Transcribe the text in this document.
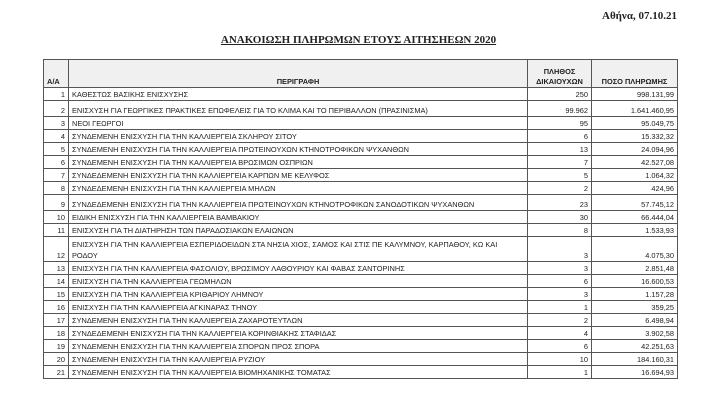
Αθήνα, 07.10.21
ΑΝΑΚΟΙΩΣΗ ΠΛΗΡΩΜΩΝ ΕΤΟΥΣ ΑΙΤΗΣΗΕΩΝ 2020
Α/Α	ΠΕΡΙΓΡΑΦΗ	ΠΛΗΘΟΣ ΔΙΚΑΙΟΥΧΩΝ	ΠΟΣΟ ΠΛΗΡΩΜΗΣ
1	ΚΑΘΕΣΤΩΣ ΒΑΣΙΚΗΣ ΕΝΙΣΧΥΣΗΣ	250	998.131,99
2	ΕΝΙΣΧΥΣΗ ΓΙΑ ΓΕΩΡΓΙΚΕΣ ΠΡΑΚΤΙΚΕΣ ΕΠΩΦΕΛΕΙΣ ΓΙΑ ΤΟ ΚΛΙΜΑ ΚΑΙ ΤΟ ΠΕΡΙΒΑΛΛΟΝ (ΠΡΑΣΙΝΙΣΜΑ)	99.962	1.641.460,95
3	ΝΕΟΙ ΓΕΩΡΓΟΙ	95	95.049,75
4	ΣΥΝΔΕΜΕΝΗ ΕΝΙΣΧΥΣΗ ΓΙΑ ΤΗΝ ΚΑΛΛΙΕΡΓΕΙΑ ΣΚΛΗΡΟΥ ΣΙΤΟΥ	6	15.332,32
5	ΣΥΝΔΕΜΕΝΗ ΕΝΙΣΧΥΣΗ ΓΙΑ ΤΗΝ ΚΑΛΛΙΕΡΓΕΙΑ ΠΡΩΤΕΙΝΟΥΧΩΝ ΚΤΗΝΟΤΡΟΦΙΚΩΝ ΨΥΧΑΝΘΩΝ	13	24.094,96
6	ΣΥΝΔΕΜΕΝΗ ΕΝΙΣΧΥΣΗ ΓΙΑ ΤΗΝ ΚΑΛΛΙΕΡΓΕΙΑ ΒΡΩΣΙΜΩΝ ΟΣΠΡΙΩΝ	7	42.527,08
7	ΣΥΝΔΕΔΕΜΕΝΗ ΕΝΙΣΧΥΣΗ ΓΙΑ ΤΗΝ ΚΑΛΛΙΕΡΓΕΙΑ ΚΑΡΠΩΝ ΜΕ ΚΕΛΥΦΟΣ	5	1.064,32
8	ΣΥΝΔΕΔΕΜΕΝΗ ΕΝΙΣΧΥΣΗ ΓΙΑ ΤΗΝ ΚΑΛΛΙΕΡΓΕΙΑ ΜΗΛΩΝ	2	424,96
9	ΣΥΝΔΕΔΕΜΕΝΗ ΕΝΙΣΧΥΣΗ ΓΙΑ ΤΗΝ ΚΑΛΛΙΕΡΓΕΙΑ ΠΡΩΤΕΙΝΟΥΧΩΝ ΚΤΗΝΟΤΡΟΦΙΚΩΝ ΣΑΝΟΔΟΤΙΚΩΝ ΨΥΧΑΝΘΩΝ	23	57.745,12
10	ΕΙΔΙΚΗ ΕΝΙΣΧΥΣΗ ΓΙΑ ΤΗΝ ΚΑΛΛΙΕΡΓΕΙΑ ΒΑΜΒΑΚΙΟΥ	30	66.444,04
11	ΕΝΙΣΧΥΣΗ ΓΙΑ ΤΗ ΔΙΑΤΗΡΗΣΗ ΤΩΝ ΠΑΡΑΔΟΣΙΑΚΩΝ ΕΛΑΙΩΝΩΝ	8	1.533,93
12	ΕΝΙΣΧΥΣΗ ΓΙΑ ΤΗΝ ΚΑΛΛΙΕΡΓΕΙΑ ΕΣΠΕΡΙΔΟΕΙΔΩΝ ΣΤΑ ΝΗΣΙΑ ΧΙΟΣ, ΣΑΜΟΣ ΚΑΙ ΣΤΙΣ ΠΕ ΚΑΛΥΜΝΟΥ, ΚΑΡΠΑΘΟΥ, ΚΩ ΚΑΙ ΡΟΔΟΥ	3	4.075,30
13	ΕΝΙΣΧΥΣΗ ΓΙΑ ΤΗΝ ΚΑΛΛΙΕΡΓΕΙΑ ΦΑΣΟΛΙΟΥ, ΒΡΩΣΙΜΟΥ ΛΑΘΟΥΡΙΟΥ ΚΑΙ ΦΑΒΑΣ ΣΑΝΤΟΡΙΝΗΣ	3	2.851,48
14	ΕΝΙΣΧΥΣΗ ΓΙΑ ΤΗΝ ΚΑΛΛΙΕΡΓΕΙΑ ΓΕΩΜΗΛΩΝ	6	16.600,53
15	ΕΝΙΣΧΥΣΗ ΓΙΑ ΤΗΝ ΚΑΛΛΙΕΡΓΕΙΑ ΚΡΙΘΑΡΙΟΥ ΛΗΜΝΟΥ	3	1.157,28
16	ΕΝΙΣΧΥΣΗ ΓΙΑ ΤΗΝ ΚΑΛΛΙΕΡΓΕΙΑ ΑΓΚΙΝΑΡΑΣ ΤΗΝΟΥ	1	359,25
17	ΣΥΝΔΕΜΕΝΗ ΕΝΙΣΧΥΣΗ ΓΙΑ ΤΗΝ ΚΑΛΛΙΕΡΓΕΙΑ ΖΑΧΑΡΟΤΕΥΤΛΩΝ	2	6.498,94
18	ΣΥΝΔΕΔΕΜΕΝΗ ΕΝΙΣΧΥΣΗ ΓΙΑ ΤΗΝ ΚΑΛΛΙΕΡΓΕΙΑ ΚΟΡΙΝΘΙΑΚΗΣ ΣΤΑΦΙΔΑΣ	4	3.902,58
19	ΣΥΝΔΕΜΕΝΗ ΕΝΙΣΧΥΣΗ ΓΙΑ ΤΗΝ ΚΑΛΛΙΕΡΓΕΙΑ ΣΠΟΡΩΝ ΠΡΟΣ ΣΠΟΡΑ	6	42.251,63
20	ΣΥΝΔΕΜΕΝΗ ΕΝΙΣΧΥΣΗ ΓΙΑ ΤΗΝ ΚΑΛΛΙΕΡΓΕΙΑ ΡΥΖΙΟΥ	10	184.160,31
21	ΣΥΝΔΕΜΕΝΗ ΕΝΙΣΧΥΣΗ ΓΙΑ ΤΗΝ ΚΑΛΛΙΕΡΓΕΙΑ ΒΙΟΜΗΧΑΝΙΚΗΣ ΤΟΜΑΤΑΣ	1	16.694,93
